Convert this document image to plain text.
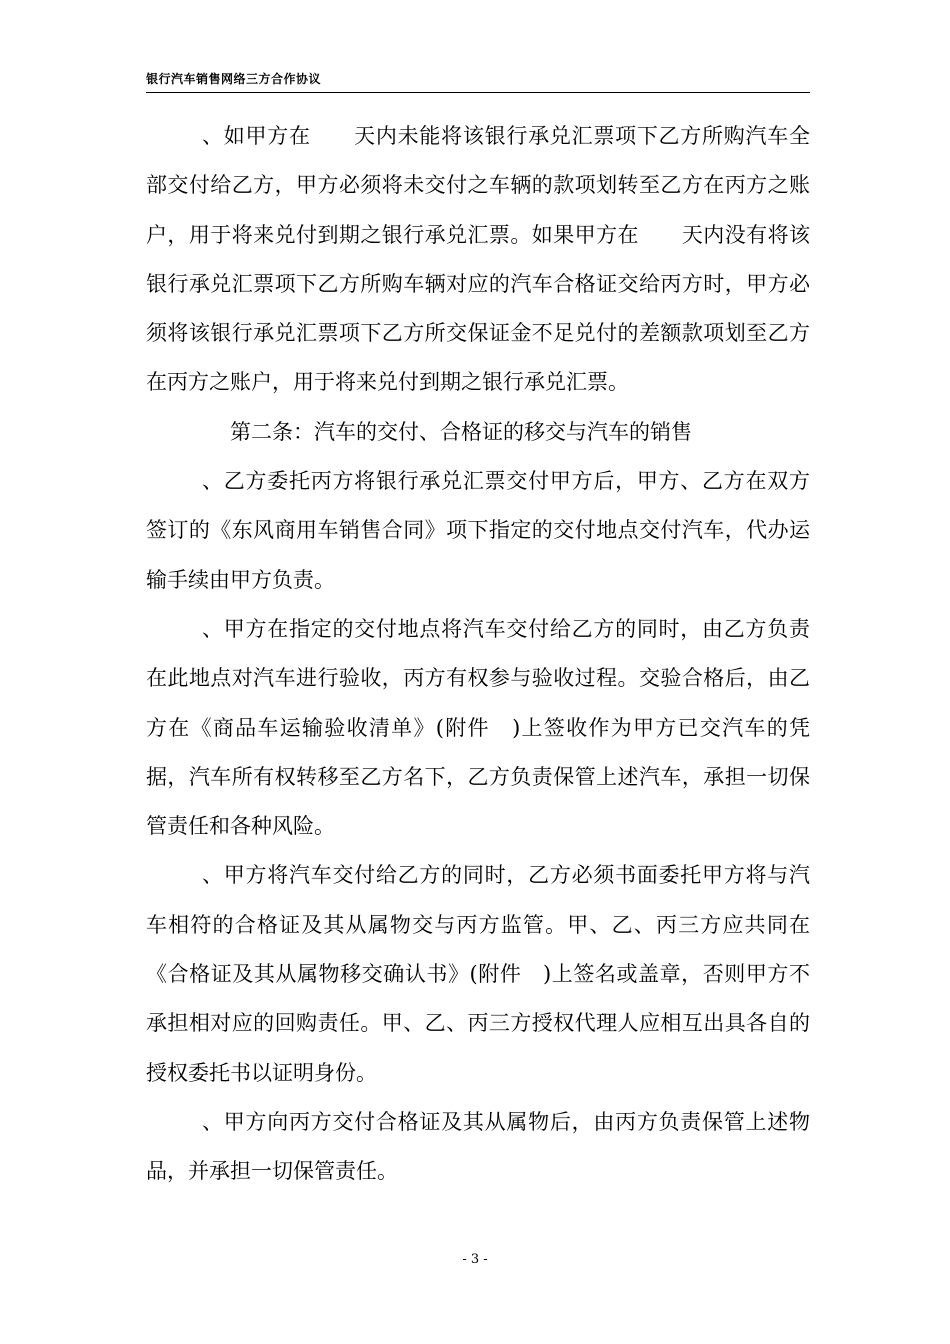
银行汽车销售网络三方合作协议

、如甲方在　　天内未能将该银行承兑汇票项下乙方所购汽车全部交付给乙方，甲方必须将未交付之车辆的款项划转至乙方在丙方之账户，用于将来兑付到期之银行承兑汇票。如果甲方在　　天内没有将该银行承兑汇票项下乙方所购车辆对应的汽车合格证交给丙方时，甲方必须将该银行承兑汇票项下乙方所交保证金不足兑付的差额款项划至乙方在丙方之账户，用于将来兑付到期之银行承兑汇票。

第二条：汽车的交付、合格证的移交与汽车的销售

、乙方委托丙方将银行承兑汇票交付甲方后，甲方、乙方在双方签订的《东风商用车销售合同》项下指定的交付地点交付汽车，代办运输手续由甲方负责。

、甲方在指定的交付地点将汽车交付给乙方的同时，由乙方负责在此地点对汽车进行验收，丙方有权参与验收过程。交验合格后，由乙方在《商品车运输验收清单》(附件　)上签收作为甲方已交汽车的凭据，汽车所有权转移至乙方名下，乙方负责保管上述汽车，承担一切保管责任和各种风险。

、甲方将汽车交付给乙方的同时，乙方必须书面委托甲方将与汽车相符的合格证及其从属物交与丙方监管。甲、乙、丙三方应共同在《合格证及其从属物移交确认书》(附件　)上签名或盖章，否则甲方不承担相对应的回购责任。甲、乙、丙三方授权代理人应相互出具各自的授权委托书以证明身份。

、甲方向丙方交付合格证及其从属物后，由丙方负责保管上述物品，并承担一切保管责任。

- 3 -
